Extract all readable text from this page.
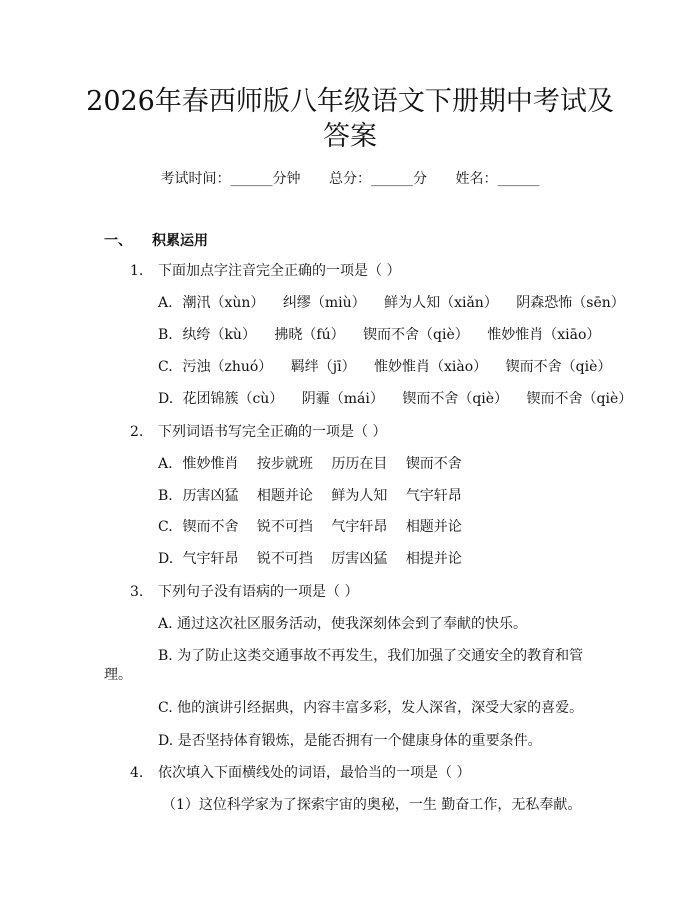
2026年春西师版八年级语文下册期中考试及
答案
考试时间：______分钟 总分：______分 姓名：______
一、 积累运用
1. 下面加点字注音完全正确的一项是（ ）
A. 潮汛（xùn） 纠缪（miù） 鲜为人知（xiǎn） 阴森恐怖（sēn）
B. 纨绔（kù） 拂晓（fú） 锲而不舍（qiè） 惟妙惟肖（xiāo）
C. 污浊（zhuó） 羁绊（jī） 惟妙惟肖（xiào） 锲而不舍（qiè）
D. 花团锦簇（cù） 阴霾（mái） 锲而不舍（qiè） 锲而不舍（qiè）
2. 下列词语书写完全正确的一项是（ ）
A. 惟妙惟肖 按步就班 历历在目 锲而不舍
B. 历害凶猛 相题并论 鲜为人知 气宇轩昂
C. 锲而不舍 锐不可挡 气宇轩昂 相题并论
D. 气宇轩昂 锐不可挡 厉害凶猛 相提并论
3. 下列句子没有语病的一项是（ ）
A. 通过这次社区服务活动，使我深刻体会到了奉献的快乐。
B. 为了防止这类交通事故不再发生，我们加强了交通安全的教育和管
理。
C. 他的演讲引经据典，内容丰富多彩，发人深省，深受大家的喜爱。
D. 是否坚持体育锻炼，是能否拥有一个健康身体的重要条件。
4. 依次填入下面横线处的词语，最恰当的一项是（ ）
（1）这位科学家为了探索宇宙的奥秘，一生 勤奋工作，无私奉献。
